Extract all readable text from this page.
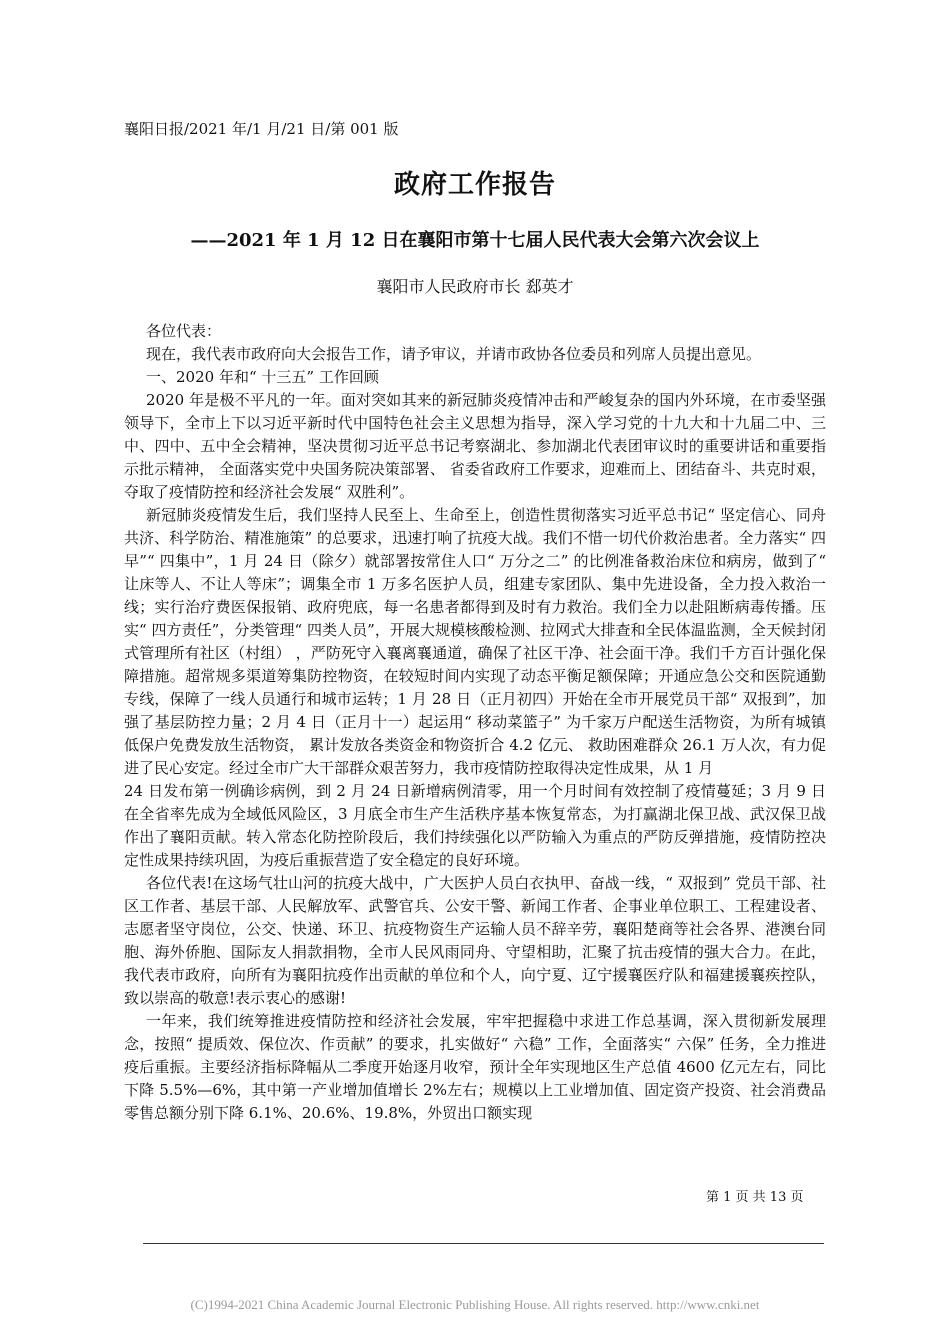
襄阳日报/2021 年/1 月/21 日/第 001 版
政府工作报告
——2021 年 1 月 12 日在襄阳市第十七届人民代表大会第六次会议上
襄阳市人民政府市长 郄英才

各位代表：

现在，我代表市政府向大会报告工作，请予审议，并请市政协各位委员和列席人员提出意见。

一、2020 年和“ 十三五” 工作回顾

2020 年是极不平凡的一年。面对突如其来的新冠肺炎疫情冲击和严峻复杂的国内外环境，在市委坚强领导下，全市上下以习近平新时代中国特色社会主义思想为指导，深入学习党的十九大和十九届二中、三中、四中、五中全会精神，坚决贯彻习近平总书记考察湖北、参加湖北代表团审议时的重要讲话和重要指示批示精神， 全面落实党中央国务院决策部署、 省委省政府工作要求，迎难而上、团结奋斗、共克时艰，夺取了疫情防控和经济社会发展“ 双胜利”。

新冠肺炎疫情发生后，我们坚持人民至上、生命至上，创造性贯彻落实习近平总书记“ 坚定信心、同舟共济、科学防治、精准施策” 的总要求，迅速打响了抗疫大战。我们不惜一切代价救治患者。全力落实“ 四早”“ 四集中”，1 月 24 日（除夕）就部署按常住人口“ 万分之二” 的比例准备救治床位和病房，做到了“ 让床等人、不让人等床”；调集全市 1 万多名医护人员，组建专家团队、集中先进设备，全力投入救治一线；实行治疗费医保报销、政府兜底，每一名患者都得到及时有力救治。我们全力以赴阻断病毒传播。压实“ 四方责任”，分类管理“ 四类人员”，开展大规模核酸检测、拉网式大排查和全民体温监测，全天候封闭式管理所有社区（村组） ，严防死守入襄离襄通道，确保了社区干净、社会面干净。我们千方百计强化保障措施。超常规多渠道筹集防控物资，在较短时间内实现了动态平衡足额保障；开通应急公交和医院通勤专线，保障了一线人员通行和城市运转；1 月 28 日（正月初四）开始在全市开展党员干部“ 双报到”，加强了基层防控力量；2 月 4 日（正月十一）起运用“ 移动菜篮子” 为千家万户配送生活物资，为所有城镇低保户免费发放生活物资， 累计发放各类资金和物资折合 4.2 亿元、 救助困难群众 26.1 万人次，有力促进了民心安定。经过全市广大干部群众艰苦努力，我市疫情防控取得决定性成果，从 1 月

24 日发布第一例确诊病例，到 2 月 24 日新增病例清零，用一个月时间有效控制了疫情蔓延；3 月 9 日在全省率先成为全域低风险区，3 月底全市生产生活秩序基本恢复常态，为打赢湖北保卫战、武汉保卫战作出了襄阳贡献。转入常态化防控阶段后，我们持续强化以严防输入为重点的严防反弹措施，疫情防控决定性成果持续巩固，为疫后重振营造了安全稳定的良好环境。

各位代表!在这场气壮山河的抗疫大战中，广大医护人员白衣执甲、奋战一线，“ 双报到” 党员干部、社区工作者、基层干部、人民解放军、武警官兵、公安干警、新闻工作者、企事业单位职工、工程建设者、志愿者坚守岗位，公交、快递、环卫、抗疫物资生产运输人员不辞辛劳，襄阳楚商等社会各界、港澳台同胞、海外侨胞、国际友人捐款捐物，全市人民风雨同舟、守望相助，汇聚了抗击疫情的强大合力。在此，我代表市政府，向所有为襄阳抗疫作出贡献的单位和个人，向宁夏、辽宁援襄医疗队和福建援襄疾控队，致以崇高的敬意!表示衷心的感谢!

一年来，我们统筹推进疫情防控和经济社会发展，牢牢把握稳中求进工作总基调，深入贯彻新发展理念，按照“ 提质效、保位次、作贡献” 的要求，扎实做好“ 六稳” 工作，全面落实“ 六保” 任务，全力推进疫后重振。主要经济指标降幅从二季度开始逐月收窄，预计全年实现地区生产总值 4600 亿元左右，同比下降 5.5%—6%，其中第一产业增加值增长 2%左右；规模以上工业增加值、固定资产投资、社会消费品零售总额分别下降 6.1%、20.6%、19.8%，外贸出口额实现

第 1 页 共 13 页
(C)1994-2021 China Academic Journal Electronic Publishing House. All rights reserved. http://www.cnki.net
